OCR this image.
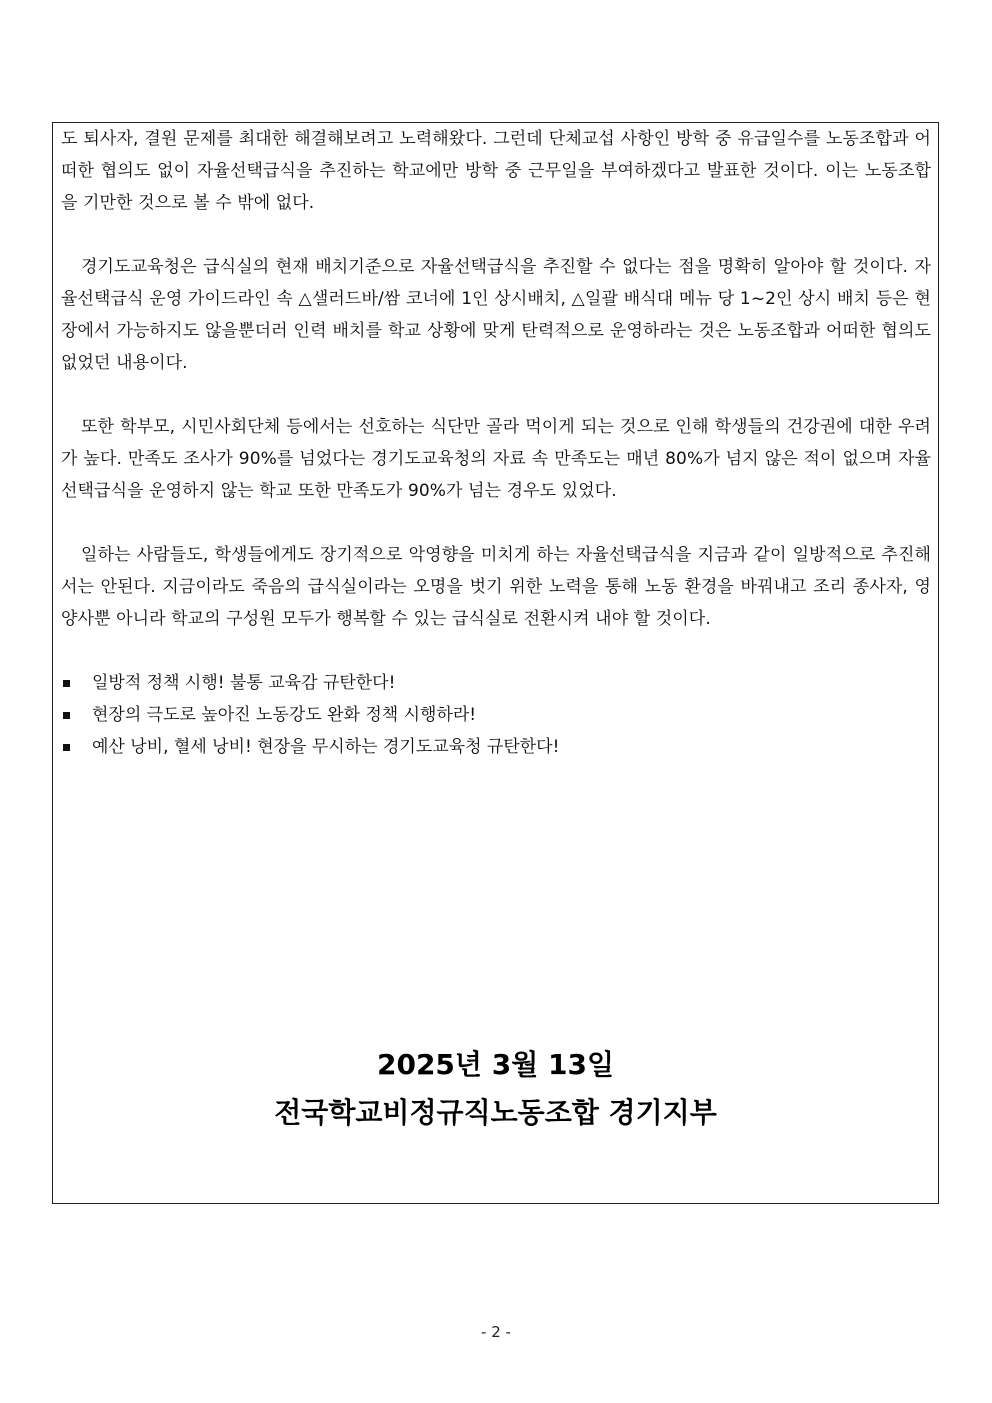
도 퇴사자, 결원 문제를 최대한 해결해보려고 노력해왔다. 그런데 단체교섭 사항인 방학 중 유급일수를 노동조합과 어떠한 협의도 없이 자율선택급식을 추진하는 학교에만 방학 중 근무일을 부여하겠다고 발표한 것이다. 이는 노동조합을 기만한 것으로 볼 수 밖에 없다.

경기도교육청은 급식실의 현재 배치기준으로 자율선택급식을 추진할 수 없다는 점을 명확히 알아야 할 것이다. 자율선택급식 운영 가이드라인 속 △샐러드바/쌈 코너에 1인 상시배치, △일괄 배식대 메뉴 당 1~2인 상시 배치 등은 현장에서 가능하지도 않을뿐더러 인력 배치를 학교 상황에 맞게 탄력적으로 운영하라는 것은 노동조합과 어떠한 협의도 없었던 내용이다.

또한 학부모, 시민사회단체 등에서는 선호하는 식단만 골라 먹이게 되는 것으로 인해 학생들의 건강권에 대한 우려가 높다. 만족도 조사가 90%를 넘었다는 경기도교육청의 자료 속 만족도는 매년 80%가 넘지 않은 적이 없으며 자율선택급식을 운영하지 않는 학교 또한 만족도가 90%가 넘는 경우도 있었다.

일하는 사람들도, 학생들에게도 장기적으로 악영향을 미치게 하는 자율선택급식을 지금과 같이 일방적으로 추진해서는 안된다. 지금이라도 죽음의 급식실이라는 오명을 벗기 위한 노력을 통해 노동 환경을 바꿔내고 조리 종사자, 영양사뿐 아니라 학교의 구성원 모두가 행복할 수 있는 급식실로 전환시켜 내야 할 것이다.

일방적 정책 시행! 불통 교육감 규탄한다!
현장의 극도로 높아진 노동강도 완화 정책 시행하라!
예산 낭비, 혈세 낭비! 현장을 무시하는 경기도교육청 규탄한다!
2025년 3월 13일
전국학교비정규직노동조합 경기지부
- 2 -
